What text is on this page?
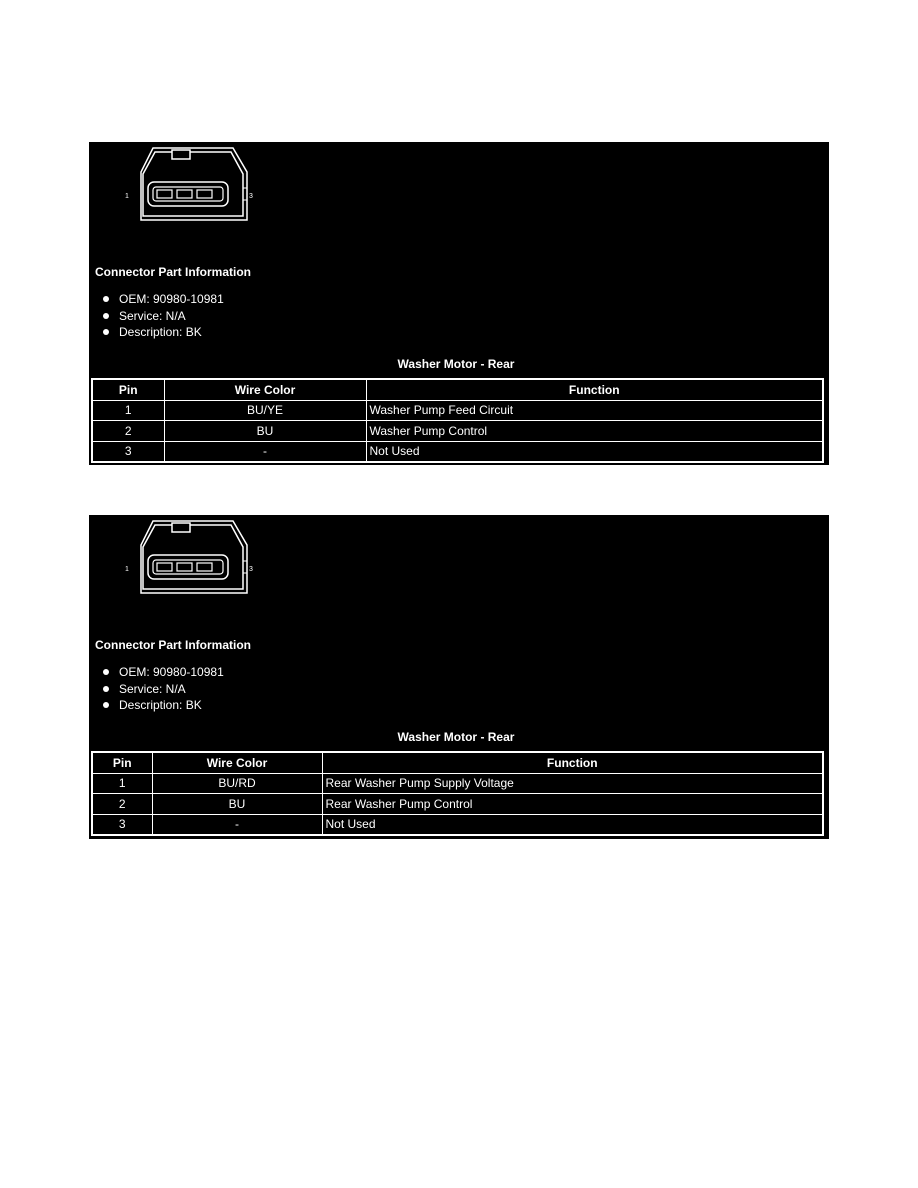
1	3

Connector Part Information

OEM: 90980-10981
Service: N/A
Description: BK
Washer Motor - Rear
Pin	Wire Color	Function
1	BU/YE	Washer Pump Feed Circuit
2	BU	Washer Pump Control
3	-	Not Used
1	3

Connector Part Information

OEM: 90980-10981
Service: N/A
Description: BK
Washer Motor - Rear
Pin	Wire Color	Function
1	BU/RD	Rear Washer Pump Supply Voltage
2	BU	Rear Washer Pump Control
3	-	Not Used
